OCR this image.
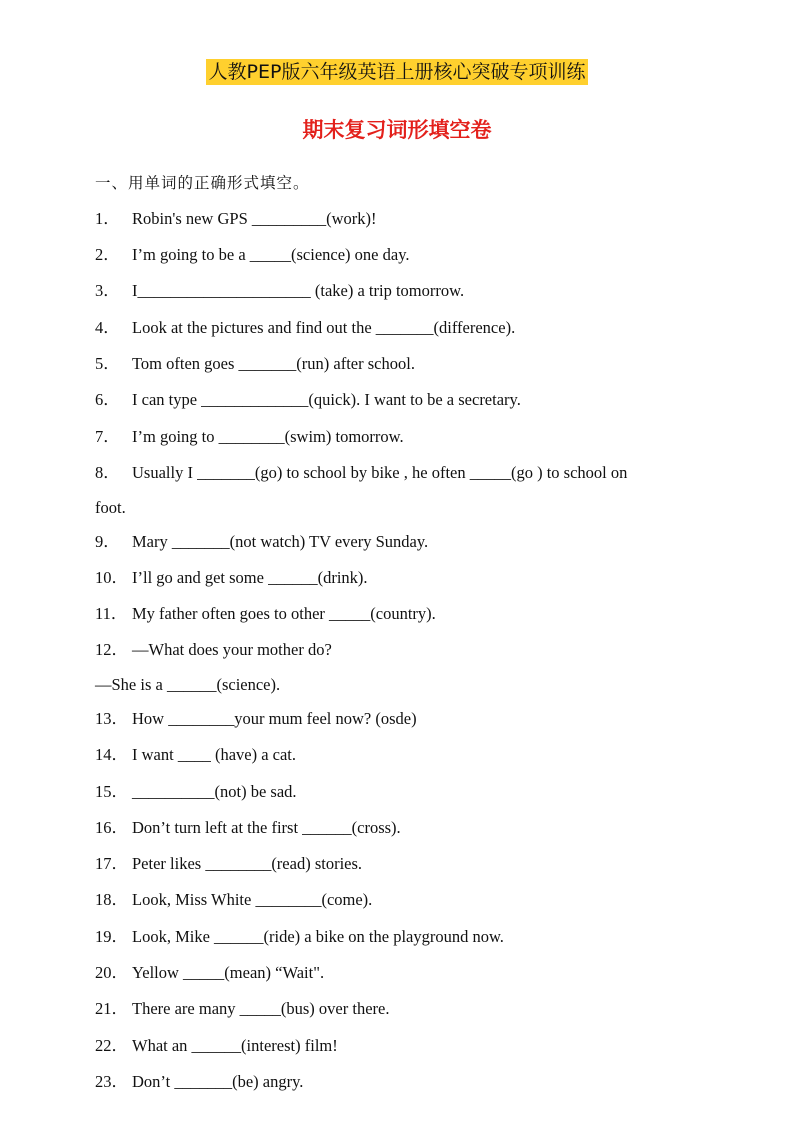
人教PEP版六年级英语上册核心突破专项训练
期末复习词形填空卷
一、用单词的正确形式填空。
1． Robin's new GPS _________(work)!
2． I’m going to be a _____(science) one day.
3． I_____________________ (take) a trip tomorrow.
4． Look at the pictures and find out the _______(difference).
5． Tom often goes _______(run) after school.
6． I can type _____________(quick). I want to be a secretary.
7． I’m going to ________(swim) tomorrow.
8． Usually I _______(go) to school by bike , he often _____(go ) to school on
foot.
9． Mary _______(not watch) TV every Sunday.
10． I’ll go and get some ______(drink).
11． My father often goes to other _____(country).
12． —What does your mother do?
—She is a ______(science).
13． How ________your mum feel now? (osde)
14． I want ____ (have) a cat.
15． __________(not) be sad.
16． Don’t turn left at the first ______(cross).
17． Peter likes ________(read) stories.
18． Look, Miss White ________(come).
19． Look, Mike ______(ride) a bike on the playground now.
20． Yellow _____(mean) “Wait".
21． There are many _____(bus) over there.
22． What an ______(interest) film!
23． Don’t _______(be) angry.
